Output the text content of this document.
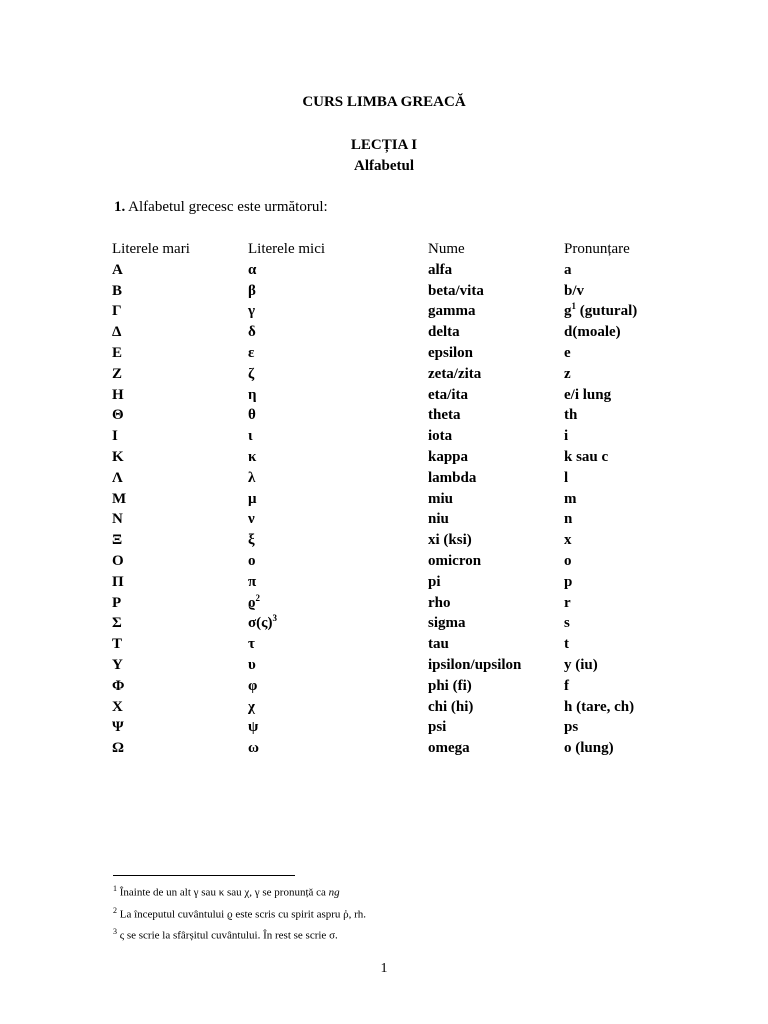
CURS LIMBA GREACĂ
LECȚIA I
Alfabetul
1. Alfabetul grecesc este următorul:
Literele mari	Literele mici	Nume	Pronunțare
Α	α	alfa	a
Β	β	beta/vita	b/v
Γ	γ	gamma	g$^1$ (gutural)
Δ	δ	delta	d(moale)
Ε	ε	epsilon	e
Ζ	ζ	zeta/zita	z
Η	η	eta/ita	e/i lung
Θ	θ	theta	th
Ι	ι	iota	i
Κ	κ	kappa	k sau c
Λ	λ	lambda	l
Μ	μ	miu	m
Ν	ν	niu	n
Ξ	ξ	xi (ksi)	x
Ο	ο	omicron	o
Π	π	pi	p
Ρ	ϱ$^2$	rho	r
Σ	σ(ς)$^3$	sigma	s
Τ	τ	tau	t
Υ	υ	ipsilon/upsilon	y (iu)
Φ	φ	phi (fi)	f
Χ	χ	chi (hi)	h (tare, ch)
Ψ	ψ	psi	ps
Ω	ω	omega	o (lung)
$^1$ Înainte de un alt γ sau κ sau χ, γ se pronunță ca ng
$^2$ La începutul cuvântului ϱ este scris cu spirit aspru ῥ, rh.
$^3$ ς se scrie la sfârșitul cuvântului. În rest se scrie σ.
1
